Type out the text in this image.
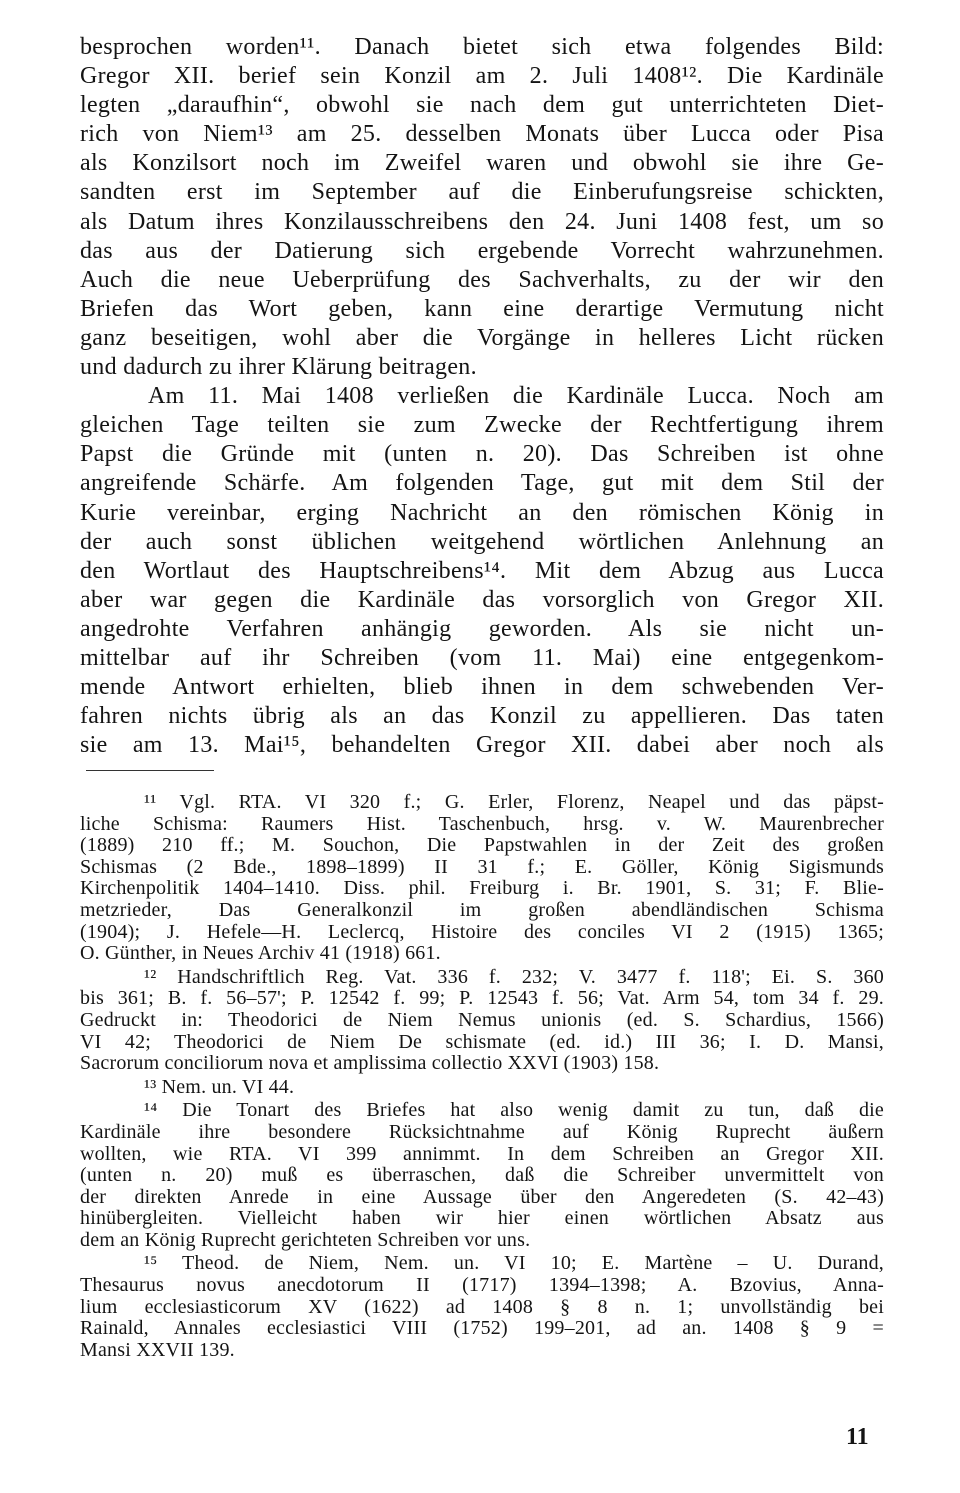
besprochen worden¹¹. Danach bietet sich etwa folgendes Bild:
Gregor XII. berief sein Konzil am 2. Juli 1408¹². Die Kardinäle
legten „daraufhin“, obwohl sie nach dem gut unterrichteten Diet-
rich von Niem¹³ am 25. desselben Monats über Lucca oder Pisa
als Konzilsort noch im Zweifel waren und obwohl sie ihre Ge-
sandten erst im September auf die Einberufungsreise schickten,
als Datum ihres Konzilausschreibens den 24. Juni 1408 fest, um so
das aus der Datierung sich ergebende Vorrecht wahrzunehmen.
Auch die neue Ueberprüfung des Sachverhalts, zu der wir den
Briefen das Wort geben, kann eine derartige Vermutung nicht
ganz beseitigen, wohl aber die Vorgänge in helleres Licht rücken
und dadurch zu ihrer Klärung beitragen.
Am 11. Mai 1408 verließen die Kardinäle Lucca. Noch am
gleichen Tage teilten sie zum Zwecke der Rechtfertigung ihrem
Papst die Gründe mit (unten n. 20). Das Schreiben ist ohne
angreifende Schärfe. Am folgenden Tage, gut mit dem Stil der
Kurie vereinbar, erging Nachricht an den römischen König in
der auch sonst üblichen weitgehend wörtlichen Anlehnung an
den Wortlaut des Hauptschreibens¹⁴. Mit dem Abzug aus Lucca
aber war gegen die Kardinäle das vorsorglich von Gregor XII.
angedrohte Verfahren anhängig geworden. Als sie nicht un-
mittelbar auf ihr Schreiben (vom 11. Mai) eine entgegenkom-
mende Antwort erhielten, blieb ihnen in dem schwebenden Ver-
fahren nichts übrig als an das Konzil zu appellieren. Das taten
sie am 13. Mai¹⁵, behandelten Gregor XII. dabei aber noch als
¹¹ Vgl. RTA. VI 320 f.; G. Erler, Florenz, Neapel und das päpst-
liche Schisma: Raumers Hist. Taschenbuch, hrsg. v. W. Maurenbrecher
(1889) 210 ff.; M. Souchon, Die Papstwahlen in der Zeit des großen
Schismas (2 Bde., 1898–1899) II 31 f.; E. Göller, König Sigismunds
Kirchenpolitik 1404–1410. Diss. phil. Freiburg i. Br. 1901, S. 31; F. Blie-
metzrieder, Das Generalkonzil im großen abendländischen Schisma
(1904); J. Hefele—H. Leclercq, Histoire des conciles VI 2 (1915) 1365;
O. Günther, in Neues Archiv 41 (1918) 661.
¹² Handschriftlich Reg. Vat. 336 f. 232; V. 3477 f. 118'; Ei. S. 360
bis 361; B. f. 56–57'; P. 12542 f. 99; P. 12543 f. 56; Vat. Arm 54, tom 34 f. 29.
Gedruckt in: Theodorici de Niem Nemus unionis (ed. S. Schardius, 1566)
VI 42; Theodorici de Niem De schismate (ed. id.) III 36; I. D. Mansi,
Sacrorum conciliorum nova et amplissima collectio XXVI (1903) 158.
¹³ Nem. un. VI 44.
¹⁴ Die Tonart des Briefes hat also wenig damit zu tun, daß die
Kardinäle ihre besondere Rücksichtnahme auf König Ruprecht äußern
wollten, wie RTA. VI 399 annimmt. In dem Schreiben an Gregor XII.
(unten n. 20) muß es überraschen, daß die Schreiber unvermittelt von
der direkten Anrede in eine Aussage über den Angeredeten (S. 42–43)
hinübergleiten. Vielleicht haben wir hier einen wörtlichen Absatz aus
dem an König Ruprecht gerichteten Schreiben vor uns.
¹⁵ Theod. de Niem, Nem. un. VI 10; E. Martène – U. Durand,
Thesaurus novus anecdotorum II (1717) 1394–1398; A. Bzovius, Anna-
lium ecclesiasticorum XV (1622) ad 1408 § 8 n. 1; unvollständig bei
Rainald, Annales ecclesiastici VIII (1752) 199–201, ad an. 1408 § 9 =
Mansi XXVII 139.
11
